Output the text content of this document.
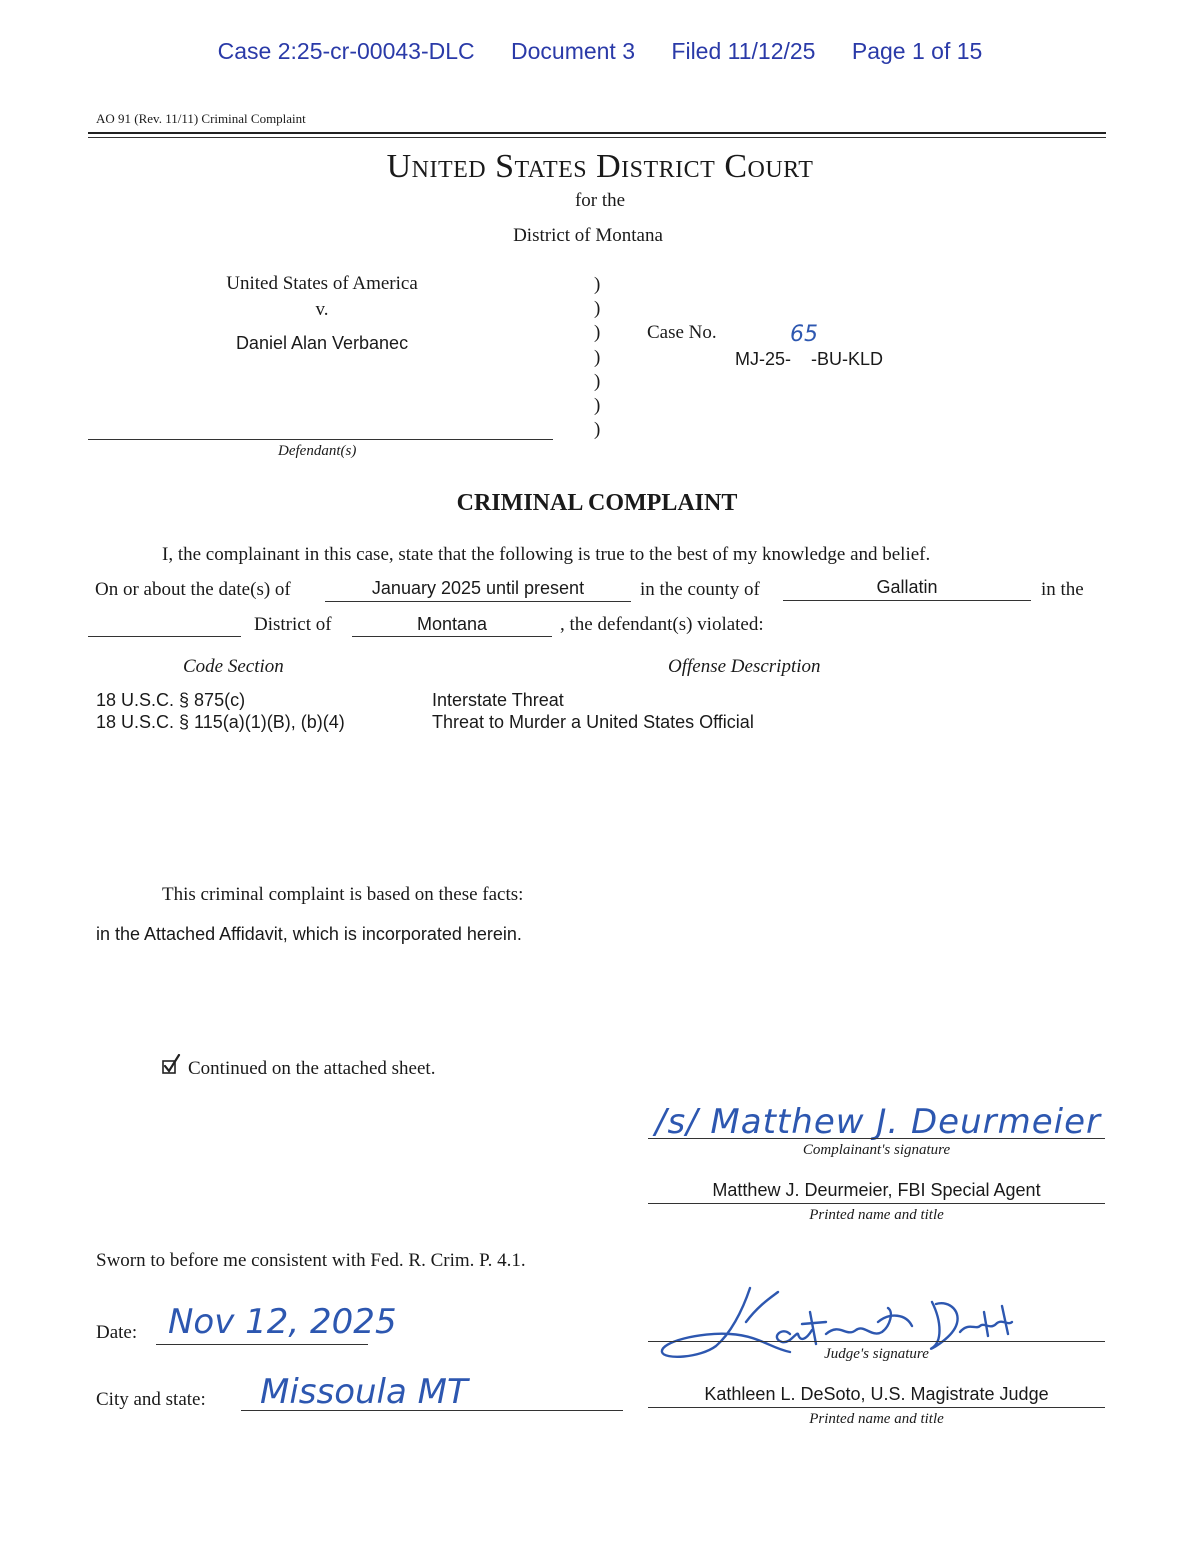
Case 2:25-cr-00043-DLC Document 3 Filed 11/12/25 Page 1 of 15
AO 91 (Rev. 11/11) Criminal Complaint
United States District Court
for the
District of Montana
United States of America
v.
Daniel Alan Verbanec
Defendant(s)
)
)
)
)
)
)
)
Case No.	65
MJ-25-    -BU-KLD
CRIMINAL COMPLAINT
I, the complainant in this case, state that the following is true to the best of my knowledge and belief.
On or about the date(s) of	January 2025 until present	in the county of	Gallatin	in the
District of	Montana	, the defendant(s) violated:
Code Section	Offense Description
18 U.S.C. § 875(c)	Interstate Threat
18 U.S.C. § 115(a)(1)(B), (b)(4)	Threat to Murder a United States Official
This criminal complaint is based on these facts:
in the Attached Affidavit, which is incorporated herein.
Continued on the attached sheet.
/s/ Matthew J. Deurmeier
Complainant's signature
Matthew J. Deurmeier, FBI Special Agent
Printed name and title
Sworn to before me consistent with Fed. R. Crim. P. 4.1.
Date: Nov 12, 2025
City and state: Missoula MT
Judge's signature
Kathleen L. DeSoto, U.S. Magistrate Judge
Printed name and title
